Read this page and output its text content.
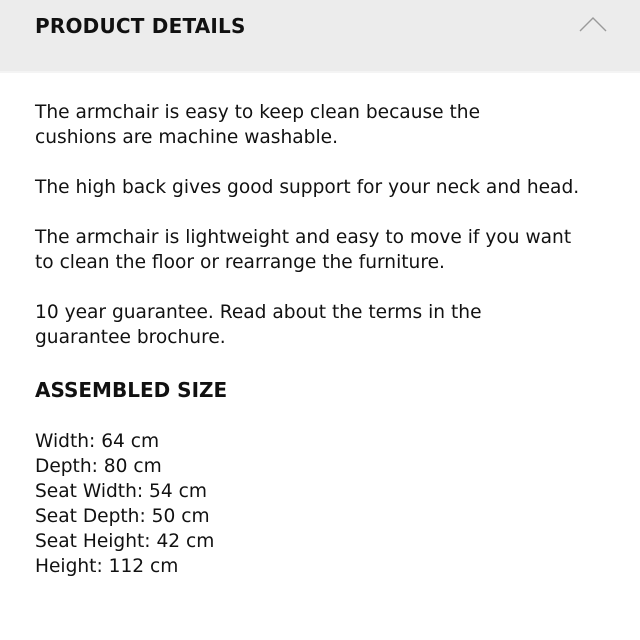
PRODUCT DETAILS

The armchair is easy to keep clean because the cushions are machine washable.

The high back gives good support for your neck and head.

The armchair is lightweight and easy to move if you want to clean the floor or rearrange the furniture.

10 year guarantee. Read about the terms in the guarantee brochure.

ASSEMBLED SIZE
Width: 64 cm
Depth: 80 cm
Seat Width: 54 cm
Seat Depth: 50 cm
Seat Height: 42 cm
Height: 112 cm
